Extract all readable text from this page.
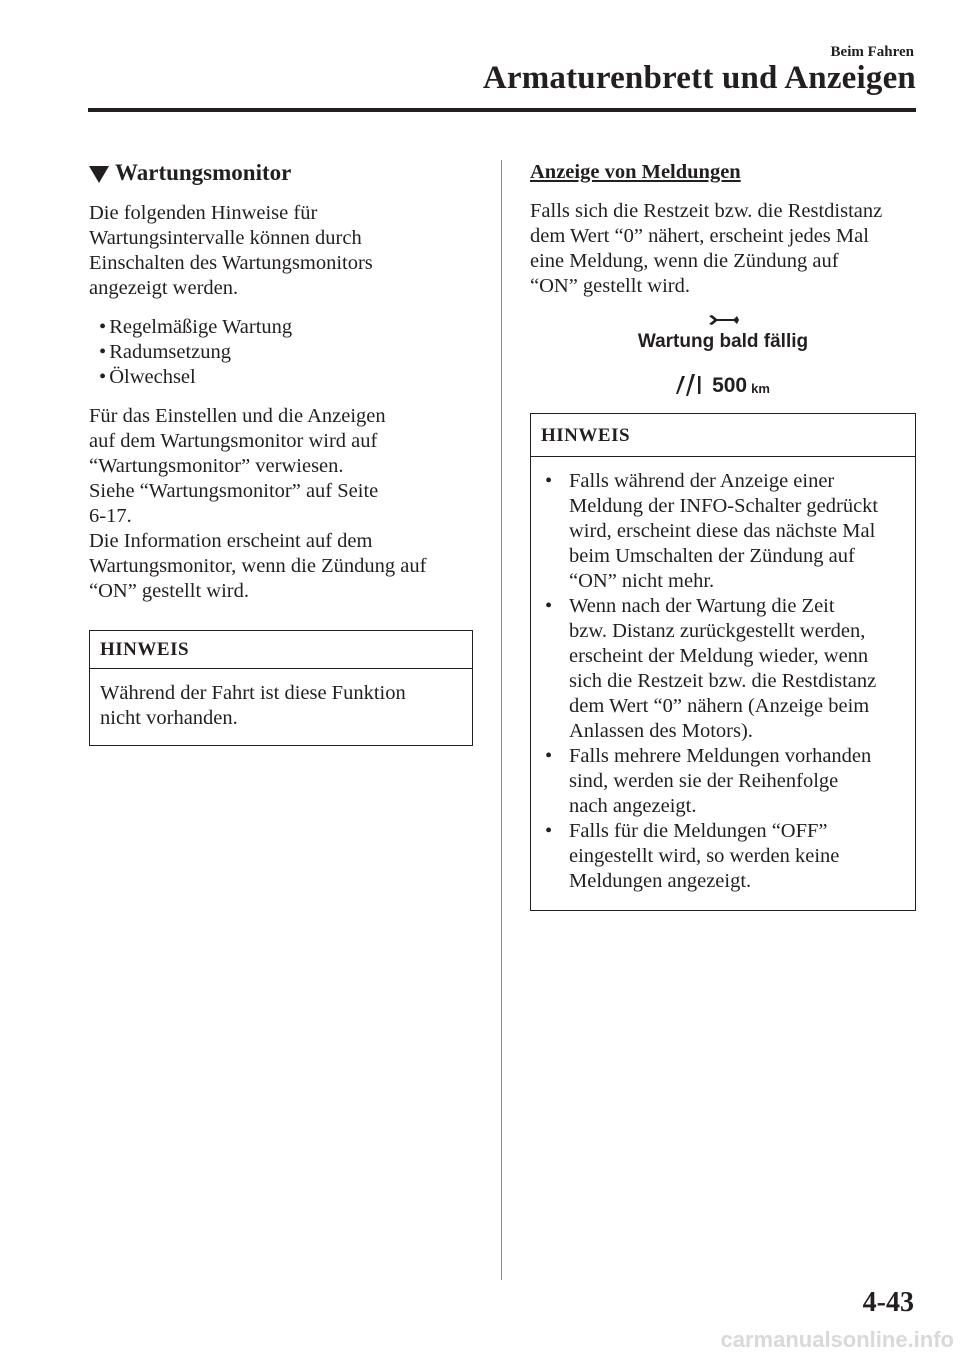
Beim Fahren
Armaturenbrett und Anzeigen
Wartungsmonitor

Die folgenden Hinweise für
Wartungsintervalle können durch
Einschalten des Wartungsmonitors
angezeigt werden.

• Regelmäßige Wartung
• Radumsetzung
• Ölwechsel

Für das Einstellen und die Anzeigen
auf dem Wartungsmonitor wird auf
“Wartungsmonitor” verwiesen.
Siehe “Wartungsmonitor” auf Seite
6-17.
Die Information erscheint auf dem
Wartungsmonitor, wenn die Zündung auf
“ON” gestellt wird.

HINWEIS
Während der Fahrt ist diese Funktion
nicht vorhanden.

Anzeige von Meldungen

Falls sich die Restzeit bzw. die Restdistanz
dem Wert “0” nähert, erscheint jedes Mal
eine Meldung, wenn die Zündung auf
“ON” gestellt wird.

Wartung bald fällig
500 km
HINWEIS
• Falls während der Anzeige einer
Meldung der INFO-Schalter gedrückt
wird, erscheint diese das nächste Mal
beim Umschalten der Zündung auf
“ON” nicht mehr.
• Wenn nach der Wartung die Zeit
bzw. Distanz zurückgestellt werden,
erscheint der Meldung wieder, wenn
sich die Restzeit bzw. die Restdistanz
dem Wert “0” nähern (Anzeige beim
Anlassen des Motors).
• Falls mehrere Meldungen vorhanden
sind, werden sie der Reihenfolge
nach angezeigt.
• Falls für die Meldungen “OFF”
eingestellt wird, so werden keine
Meldungen angezeigt.
4-43
carmanualsonline.info
